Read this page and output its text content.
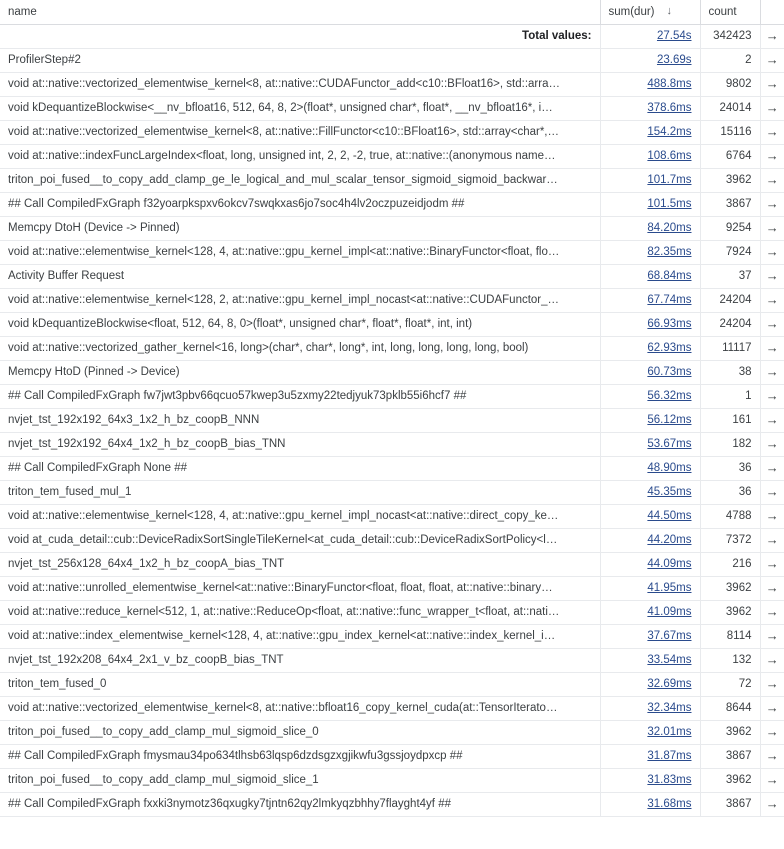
name	sum(dur) ↓	count	

Total values:	27.54s	342423	→
ProfilerStep#2	23.69s	2	→
void at::native::vectorized_elementwise_kernel<8, at::native::CUDAFunctor_add<c10::BFloat16>, std::arra…	488.8ms	9802	→
void kDequantizeBlockwise<__nv_bfloat16, 512, 64, 8, 2>(float*, unsigned char*, float*, __nv_bfloat16*, i…	378.6ms	24014	→
void at::native::vectorized_elementwise_kernel<8, at::native::FillFunctor<c10::BFloat16>, std::array<char*,…	154.2ms	15116	→
void at::native::indexFuncLargeIndex<float, long, unsigned int, 2, 2, -2, true, at::native::(anonymous name…	108.6ms	6764	→
triton_poi_fused__to_copy_add_clamp_ge_le_logical_and_mul_scalar_tensor_sigmoid_sigmoid_backwar…	101.7ms	3962	→
## Call CompiledFxGraph f32yoarpkspxv6okcv7swqkxas6jo7soc4h4lv2oczpuzeidjodm ##	101.5ms	3867	→
Memcpy DtoH (Device -> Pinned)	84.20ms	9254	→
void at::native::elementwise_kernel<128, 4, at::native::gpu_kernel_impl<at::native::BinaryFunctor<float, flo…	82.35ms	7924	→
Activity Buffer Request	68.84ms	37	→
void at::native::elementwise_kernel<128, 2, at::native::gpu_kernel_impl_nocast<at::native::CUDAFunctor_…	67.74ms	24204	→
void kDequantizeBlockwise<float, 512, 64, 8, 0>(float*, unsigned char*, float*, float*, int, int)	66.93ms	24204	→
void at::native::vectorized_gather_kernel<16, long>(char*, char*, long*, int, long, long, long, long, bool)	62.93ms	11117	→
Memcpy HtoD (Pinned -> Device)	60.73ms	38	→
## Call CompiledFxGraph fw7jwt3pbv66qcuo57kwep3u5zxmy22tedjyuk73pklb55i6hcf7 ##	56.32ms	1	→
nvjet_tst_192x192_64x3_1x2_h_bz_coopB_NNN	56.12ms	161	→
nvjet_tst_192x192_64x4_1x2_h_bz_coopB_bias_TNN	53.67ms	182	→
## Call CompiledFxGraph None ##	48.90ms	36	→
triton_tem_fused_mul_1	45.35ms	36	→
void at::native::elementwise_kernel<128, 4, at::native::gpu_kernel_impl_nocast<at::native::direct_copy_ke…	44.50ms	4788	→
void at_cuda_detail::cub::DeviceRadixSortSingleTileKernel<at_cuda_detail::cub::DeviceRadixSortPolicy<l…	44.20ms	7372	→
nvjet_tst_256x128_64x4_1x2_h_bz_coopA_bias_TNT	44.09ms	216	→
void at::native::unrolled_elementwise_kernel<at::native::BinaryFunctor<float, float, float, at::native::binary…	41.95ms	3962	→
void at::native::reduce_kernel<512, 1, at::native::ReduceOp<float, at::native::func_wrapper_t<float, at::nati…	41.09ms	3962	→
void at::native::index_elementwise_kernel<128, 4, at::native::gpu_index_kernel<at::native::index_kernel_i…	37.67ms	8114	→
nvjet_tst_192x208_64x4_2x1_v_bz_coopB_bias_TNT	33.54ms	132	→
triton_tem_fused_0	32.69ms	72	→
void at::native::vectorized_elementwise_kernel<8, at::native::bfloat16_copy_kernel_cuda(at::TensorIterato…	32.34ms	8644	→
triton_poi_fused__to_copy_add_clamp_mul_sigmoid_slice_0	32.01ms	3962	→
## Call CompiledFxGraph fmysmau34po634tlhsb63lqsp6dzdsgzxgjikwfu3gssjoydpxcp ##	31.87ms	3867	→
triton_poi_fused__to_copy_add_clamp_mul_sigmoid_slice_1	31.83ms	3962	→
## Call CompiledFxGraph fxxki3nymotz36qxugky7tjntn62qy2lmkyqzbhhy7flayght4yf ##	31.68ms	3867	→
